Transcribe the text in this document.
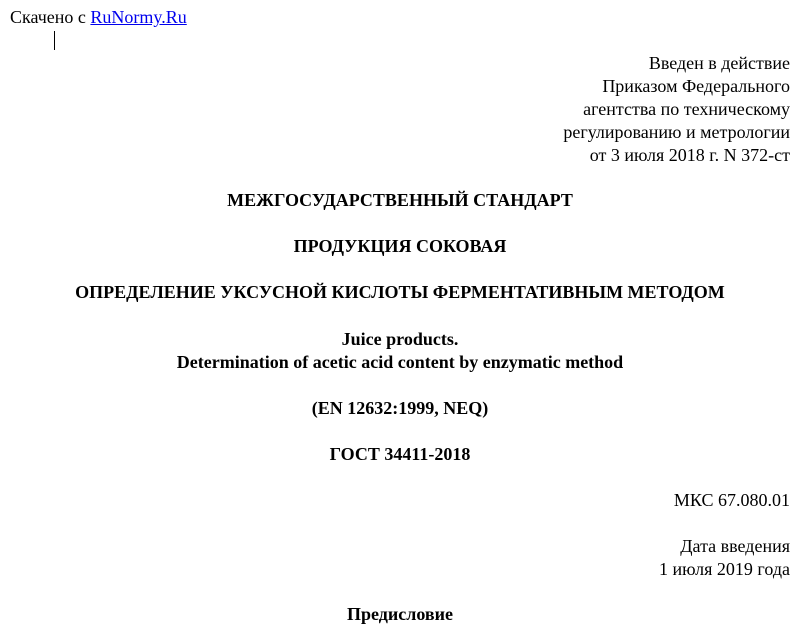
Скачено с RuNormy.Ru
Введен в действие
Приказом Федерального
агентства по техническому
регулированию и метрологии
от 3 июля 2018 г. N 372-ст
МЕЖГОСУДАРСТВЕННЫЙ СТАНДАРТ
ПРОДУКЦИЯ СОКОВАЯ
ОПРЕДЕЛЕНИЕ УКСУСНОЙ КИСЛОТЫ ФЕРМЕНТАТИВНЫМ МЕТОДОМ
Juice products.
Determination of acetic acid content by enzymatic method
(EN 12632:1999, NEQ)
ГОСТ 34411-2018
МКС 67.080.01
Дата введения
1 июля 2019 года
Предисловие
